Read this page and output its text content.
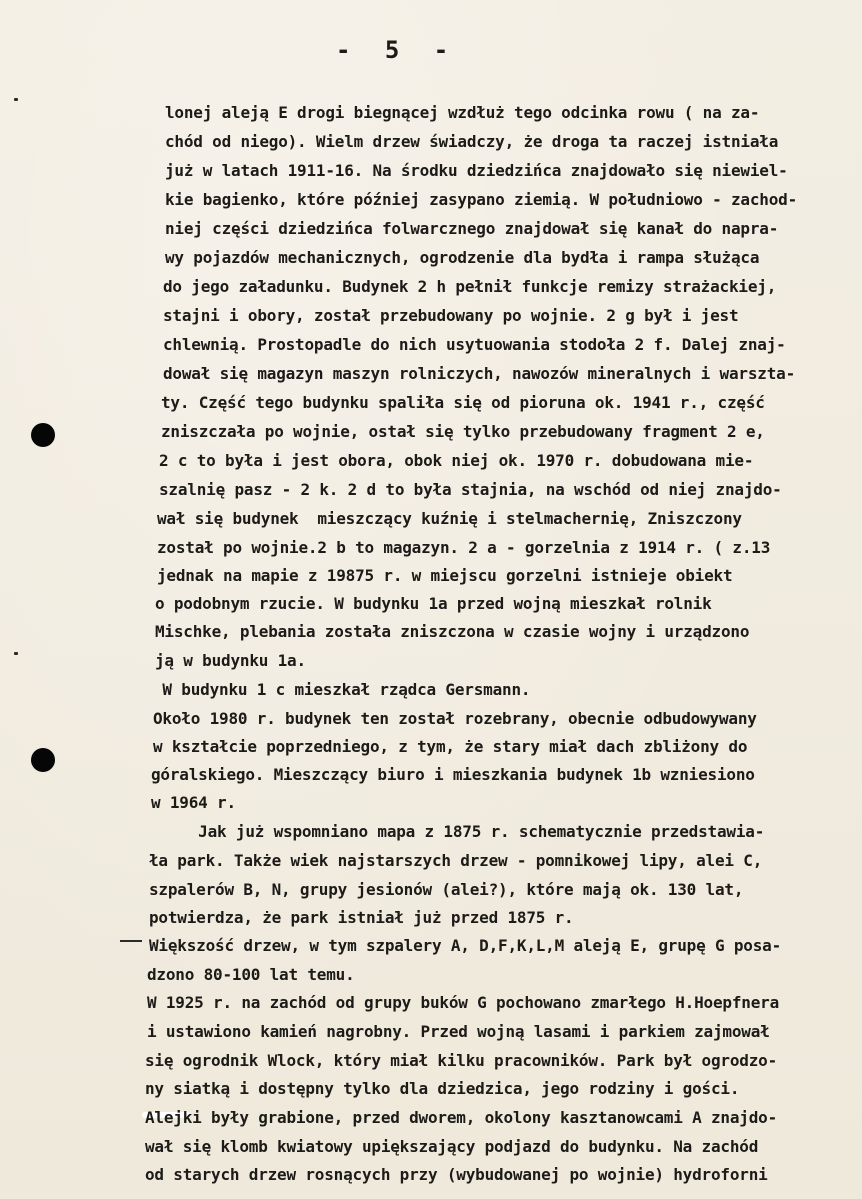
- 5 -
lonej aleją E drogi biegnącej wzdłuż tego odcinka rowu ( na za-
chód od niego). Wielm drzew świadczy, że droga ta raczej istniała
już w latach 1911-16. Na środku dziedzińca znajdowało się niewiel-
kie bagienko, które później zasypano ziemią. W południowo - zachod-
niej części dziedzińca folwarcznego znajdował się kanał do napra-
wy pojazdów mechanicznych, ogrodzenie dla bydła i rampa służąca
do jego załadunku. Budynek 2 h pełnił funkcje remizy strażackiej,
stajni i obory, został przebudowany po wojnie. 2 g był i jest
chlewnią. Prostopadle do nich usytuowania stodoła 2 f. Dalej znaj-
dował się magazyn maszyn rolniczych, nawozów mineralnych i warszta-
ty. Część tego budynku spaliła się od pioruna ok. 1941 r., część
zniszczała po wojnie, ostał się tylko przebudowany fragment 2 e,
2 c to była i jest obora, obok niej ok. 1970 r. dobudowana mie-
szalnię pasz - 2 k. 2 d to była stajnia, na wschód od niej znajdo-
wał się budynek  mieszczący kuźnię i stelmachernię, Zniszczony
został po wojnie.2 b to magazyn. 2 a - gorzelnia z 1914 r. ( z.13
jednak na mapie z 19875 r. w miejscu gorzelni istnieje obiekt
o podobnym rzucie. W budynku 1a przed wojną mieszkał rolnik
Mischke, plebania została zniszczona w czasie wojny i urządzono
ją w budynku 1a.
W budynku 1 c mieszkał rządca Gersmann.
Około 1980 r. budynek ten został rozebrany, obecnie odbudowywany
w kształcie poprzedniego, z tym, że stary miał dach zbliżony do
góralskiego. Mieszczący biuro i mieszkania budynek 1b wzniesiono
w 1964 r.
Jak już wspomniano mapa z 1875 r. schematycznie przedstawia-
ła park. Także wiek najstarszych drzew - pomnikowej lipy, alei C,
szpalerów B, N, grupy jesionów (alei?), które mają ok. 130 lat,
potwierdza, że park istniał już przed 1875 r.
Większość drzew, w tym szpalery A, D,F,K,L,M aleją E, grupę G posa-
dzono 80-100 lat temu.
W 1925 r. na zachód od grupy buków G pochowano zmarłego H.Hoepfnera
i ustawiono kamień nagrobny. Przed wojną lasami i parkiem zajmował
się ogrodnik Wlock, który miał kilku pracowników. Park był ogrodzo-
ny siatką i dostępny tylko dla dziedzica, jego rodziny i gości.
Alejki były grabione, przed dworem, okolony kasztanowcami A znajdo-
wał się klomb kwiatowy upiększający podjazd do budynku. Na zachód
od starych drzew rosnących przy (wybudowanej po wojnie) hydroforni
